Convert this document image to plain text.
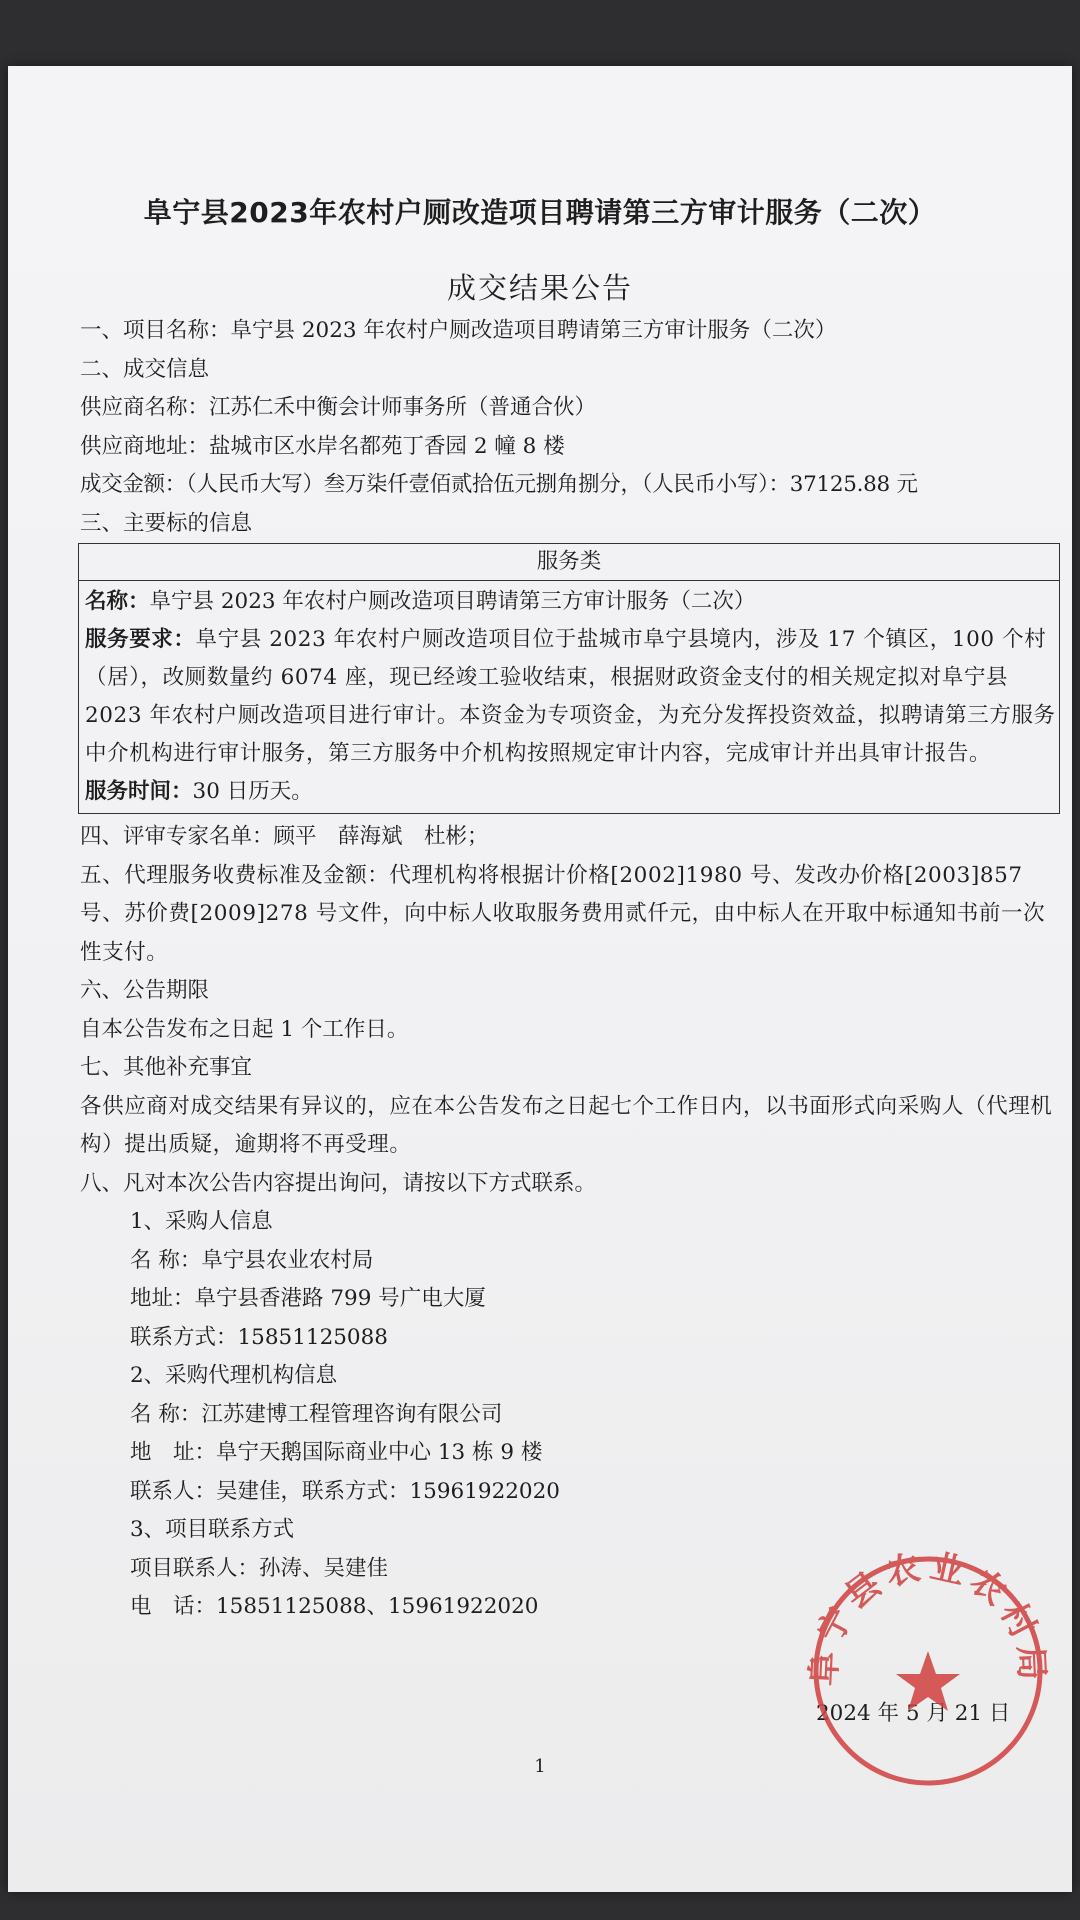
阜宁县2023年农村户厕改造项目聘请第三方审计服务（二次）
成交结果公告
一、项目名称：阜宁县 2023 年农村户厕改造项目聘请第三方审计服务（二次）
二、成交信息
供应商名称：江苏仁禾中衡会计师事务所（普通合伙）
供应商地址：盐城市区水岸名都苑丁香园 2 幢 8 楼
成交金额：（人民币大写）叁万柒仟壹佰贰拾伍元捌角捌分，（人民币小写）：37125.88 元
三、主要标的信息
服务类
名称：阜宁县 2023 年农村户厕改造项目聘请第三方审计服务（二次）
服务要求：阜宁县 2023 年农村户厕改造项目位于盐城市阜宁县境内，涉及 17 个镇区，100 个村（居），改厕数量约 6074 座，现已经竣工验收结束，根据财政资金支付的相关规定拟对阜宁县 2023 年农村户厕改造项目进行审计。本资金为专项资金，为充分发挥投资效益，拟聘请第三方服务中介机构进行审计服务，第三方服务中介机构按照规定审计内容，完成审计并出具审计报告。
服务时间：30 日历天。
四、评审专家名单：顾平　薛海斌　杜彬；
五、代理服务收费标准及金额：代理机构将根据计价格[2002]1980 号、发改办价格[2003]857 号、苏价费[2009]278 号文件，向中标人收取服务费用贰仟元，由中标人在开取中标通知书前一次性支付。
六、公告期限
自本公告发布之日起 1 个工作日。
七、其他补充事宜
各供应商对成交结果有异议的，应在本公告发布之日起七个工作日内，以书面形式向采购人（代理机构）提出质疑，逾期将不再受理。
八、凡对本次公告内容提出询问，请按以下方式联系。
1、采购人信息
名 称：阜宁县农业农村局
地址：阜宁县香港路 799 号广电大厦
联系方式：15851125088
2、采购代理机构信息
名 称：江苏建博工程管理咨询有限公司
地　址：阜宁天鹅国际商业中心 13 栋 9 楼
联系人：吴建佳，联系方式：15961922020
3、项目联系方式
项目联系人：孙涛、吴建佳
电　话：15851125088、15961922020
2024 年 5 月 21 日
阜宁县农业农村局
1
